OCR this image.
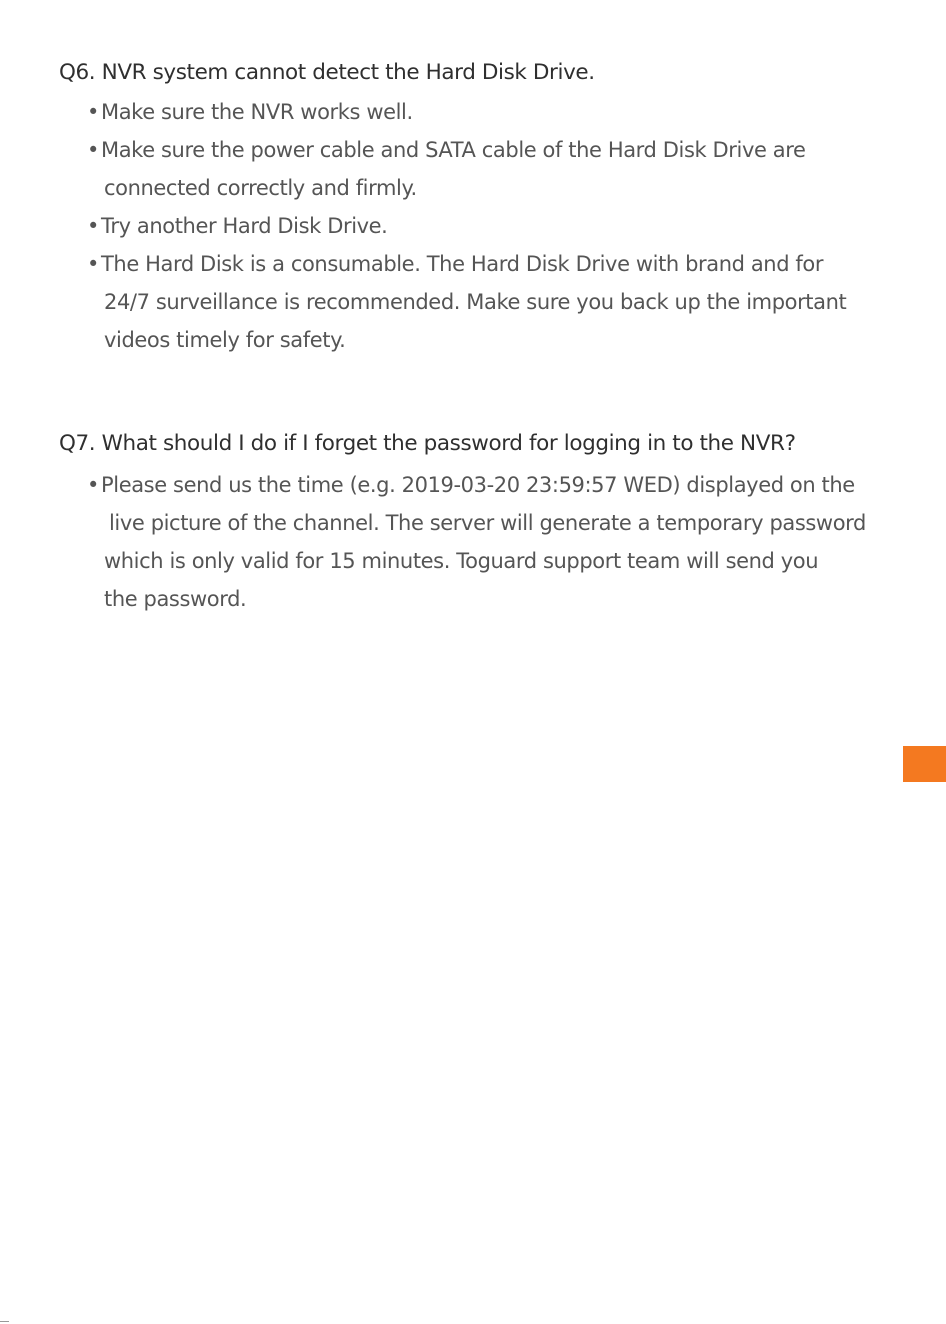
Q6. NVR system cannot detect the Hard Disk Drive.
• Make sure the NVR works well.

• Make sure the power cable and SATA cable of the Hard Disk Drive are

connected correctly and firmly.

• Try another Hard Disk Drive.

• The Hard Disk is a consumable. The Hard Disk Drive with brand and for

24/7 surveillance is recommended. Make sure you back up the important

videos timely for safety.

Q7. What should I do if I forget the password for logging in to the NVR?
• Please send us the time (e.g. 2019-03-20 23:59:57 WED) displayed on the

live picture of the channel. The server will generate a temporary password

which is only valid for 15 minutes. Toguard support team will send you

the password.
